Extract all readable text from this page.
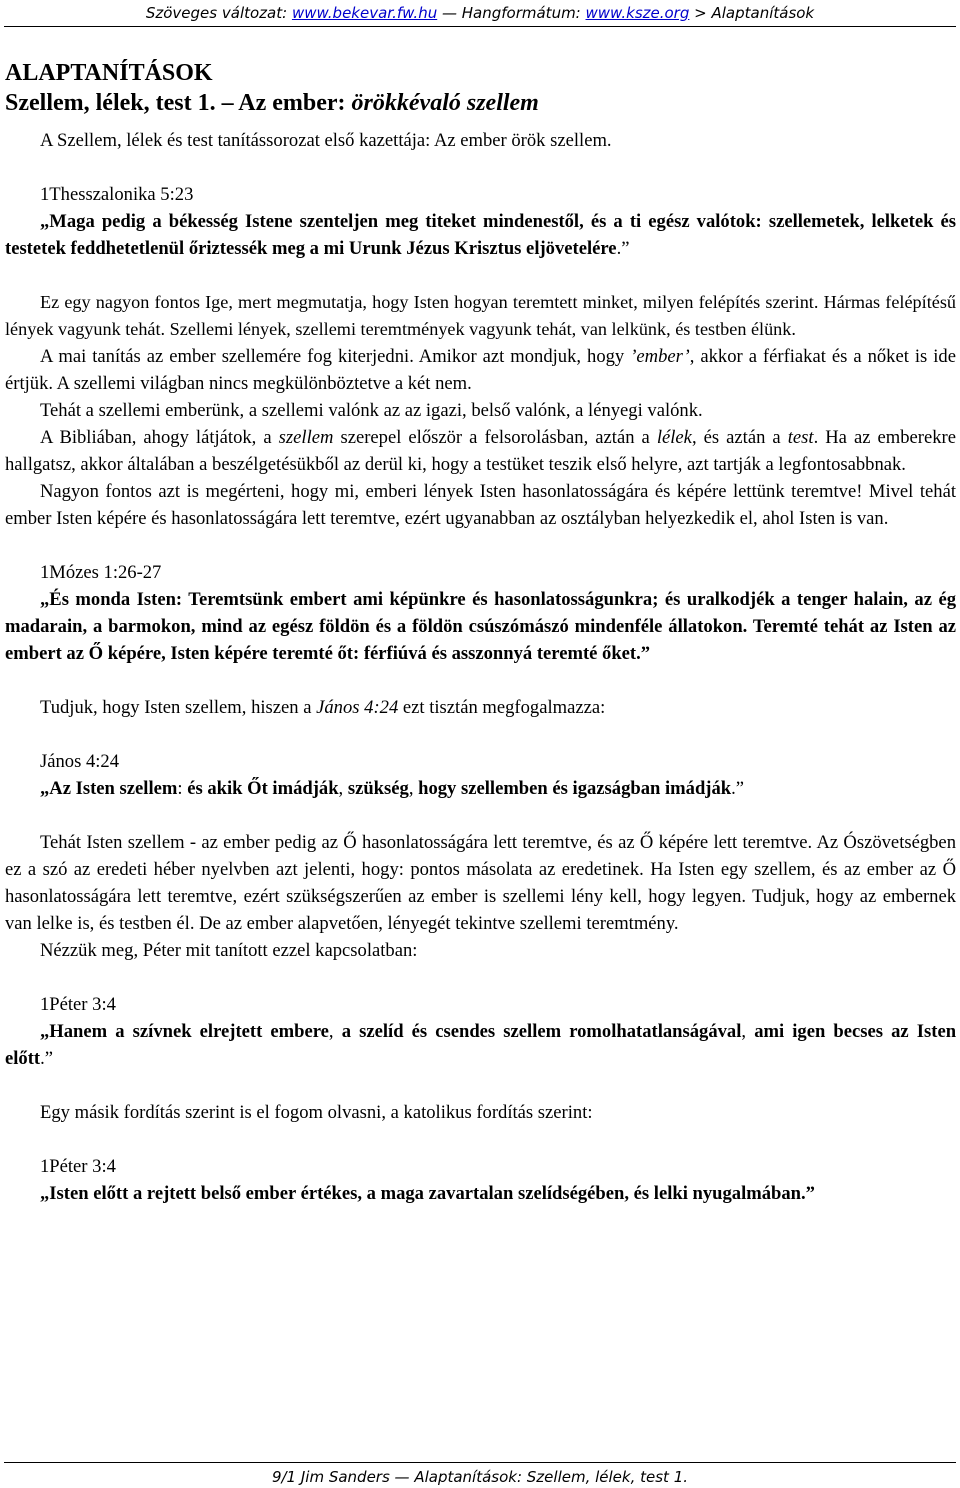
Szöveges változat: www.bekevar.fw.hu — Hangformátum: www.ksze.org > Alaptanítások

ALAPTANÍTÁSOK

Szellem, lélek, test 1. – Az ember: örökkévaló szellem

A Szellem, lélek és test tanítássorozat első kazettája: Az ember örök szellem.

1Thesszalonika 5:23

„Maga pedig a békesség Istene szenteljen meg titeket mindenestől, és a ti egész valótok: szellemetek, lelketek és testetek feddhetetlenül őriztessék meg a mi Urunk Jézus Krisztus eljövetelére.”

Ez egy nagyon fontos Ige, mert megmutatja, hogy Isten hogyan teremtett minket, milyen felépítés szerint. Hármas felépítésű lények vagyunk tehát. Szellemi lények, szellemi teremtmények vagyunk tehát, van lelkünk, és testben élünk.

A mai tanítás az ember szellemére fog kiterjedni. Amikor azt mondjuk, hogy ’ember’, akkor a férfiakat és a nőket is ide értjük. A szellemi világban nincs megkülönböztetve a két nem.

Tehát a szellemi emberünk, a szellemi valónk az az igazi, belső valónk, a lényegi valónk.

A Bibliában, ahogy látjátok, a szellem szerepel először a felsorolásban, aztán a lélek, és aztán a test. Ha az emberekre hallgatsz, akkor általában a beszélgetésükből az derül ki, hogy a testüket teszik első helyre, azt tartják a legfontosabbnak.

Nagyon fontos azt is megérteni, hogy mi, emberi lények Isten hasonlatosságára és képére lettünk teremtve! Mivel tehát ember Isten képére és hasonlatosságára lett teremtve, ezért ugyanabban az osztályban helyezkedik el, ahol Isten is van.

1Mózes 1:26-27

„És monda Isten: Teremtsünk embert ami képünkre és hasonlatosságunkra; és uralkodjék a tenger halain, az ég madarain, a barmokon, mind az egész földön és a földön csúszómászó mindenféle állatokon. Teremté tehát az Isten az embert az Ő képére, Isten képére teremté őt: férfiúvá és asszonnyá teremté őket.”

Tudjuk, hogy Isten szellem, hiszen a János 4:24 ezt tisztán megfogalmazza:

János 4:24

„Az Isten szellem: és akik Őt imádják, szükség, hogy szellemben és igazságban imádják.”

Tehát Isten szellem - az ember pedig az Ő hasonlatosságára lett teremtve, és az Ő képére lett teremtve. Az Ószövetségben ez a szó az eredeti héber nyelvben azt jelenti, hogy: pontos másolata az eredetinek. Ha Isten egy szellem, és az ember az Ő hasonlatosságára lett teremtve, ezért szükségszerűen az ember is szellemi lény kell, hogy legyen. Tudjuk, hogy az embernek van lelke is, és testben él. De az ember alapvetően, lényegét tekintve szellemi teremtmény.

Nézzük meg, Péter mit tanított ezzel kapcsolatban:

1Péter 3:4

„Hanem a szívnek elrejtett embere, a szelíd és csendes szellem romolhatatlanságával, ami igen becses az Isten előtt.”

Egy másik fordítás szerint is el fogom olvasni, a katolikus fordítás szerint:

1Péter 3:4

„Isten előtt a rejtett belső ember értékes, a maga zavartalan szelídségében, és lelki nyugalmában.”

9/1 Jim Sanders — Alaptanítások: Szellem, lélek, test 1.
